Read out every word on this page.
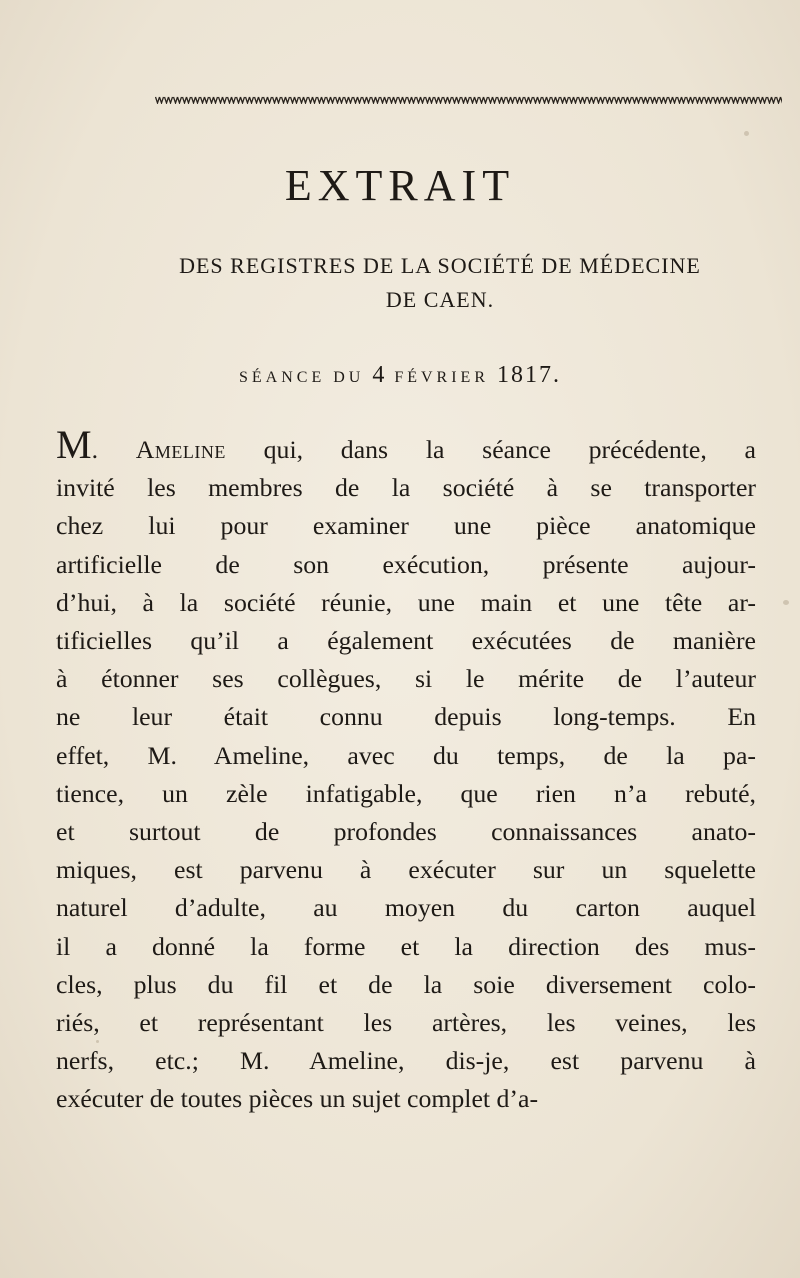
EXTRAIT
DES REGISTRES DE LA SOCIÉTÉ DE MÉDECINE
DE CAEN.
SÉANCE DU 4 FÉVRIER 1817.
M. Ameline qui, dans la séance précédente, a
invité les membres de la société à se transporter
chez lui pour examiner une pièce anatomique
artificielle de son exécution, présente aujour-
d’hui, à la société réunie, une main et une tête ar-
tificielles qu’il a également exécutées de manière
à étonner ses collègues, si le mérite de l’auteur
ne leur était connu depuis long-temps. En
effet, M. Ameline, avec du temps, de la pa-
tience, un zèle infatigable, que rien n’a rebuté,
et surtout de profondes connaissances anato-
miques, est parvenu à exécuter sur un squelette
naturel d’adulte, au moyen du carton auquel
il a donné la forme et la direction des mus-
cles, plus du fil et de la soie diversement colo-
riés, et représentant les artères, les veines, les
nerfs, etc.; M. Ameline, dis-je, est parvenu à
exécuter de toutes pièces un sujet complet d’a-
